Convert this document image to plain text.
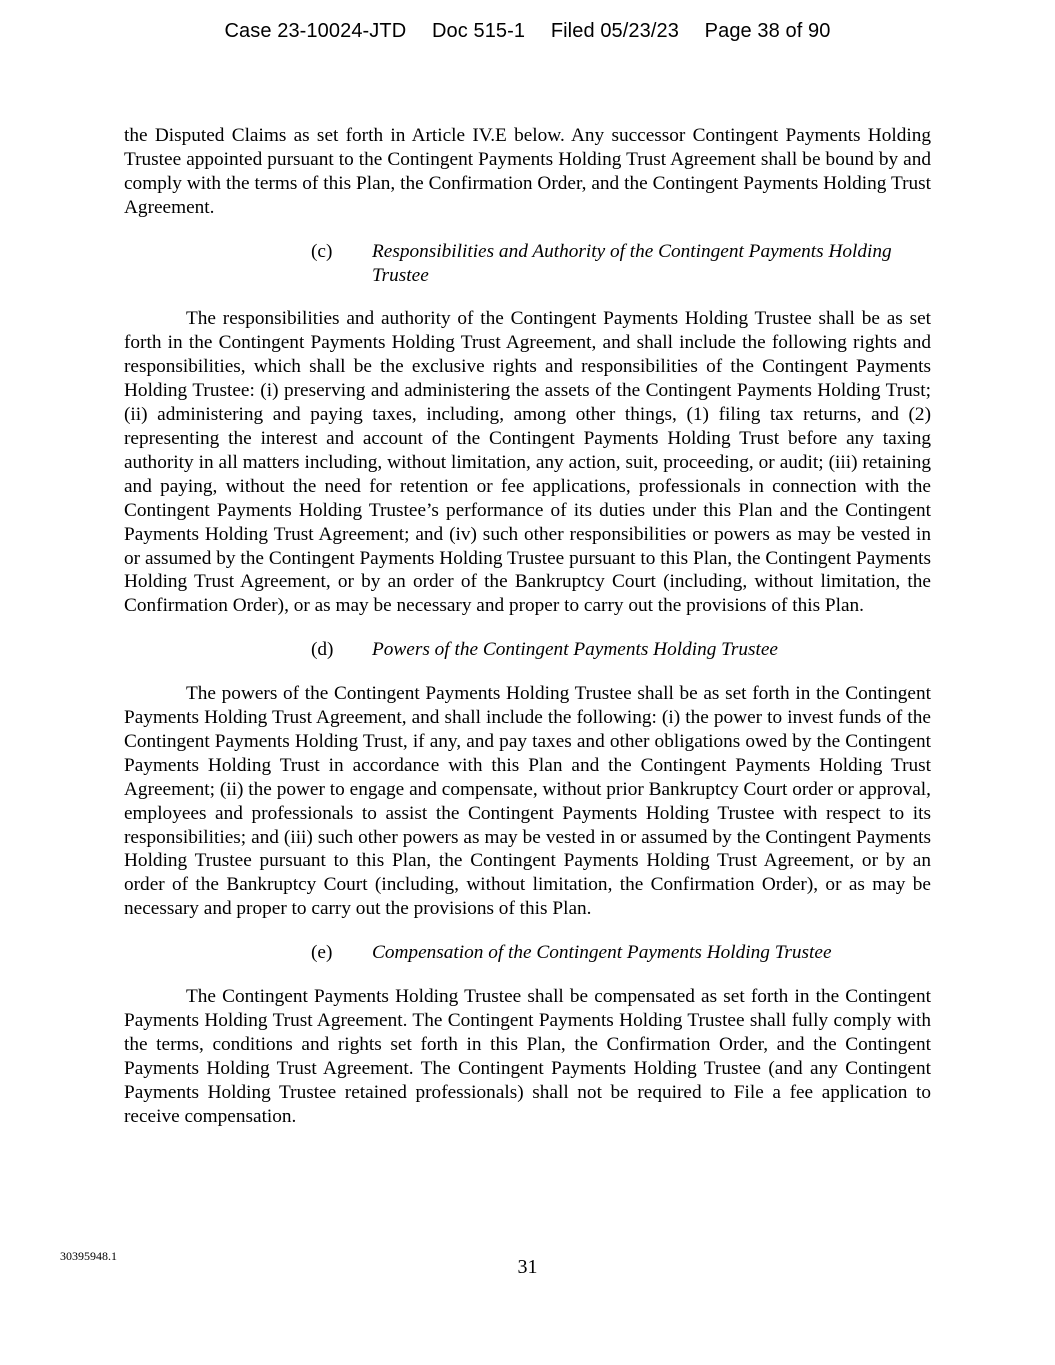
Case 23-10024-JTD Doc 515-1 Filed 05/23/23 Page 38 of 90

the Disputed Claims as set forth in Article IV.E below. Any successor Contingent Payments Holding Trustee appointed pursuant to the Contingent Payments Holding Trust Agreement shall be bound by and comply with the terms of this Plan, the Confirmation Order, and the Contingent Payments Holding Trust Agreement.

(c)	Responsibilities and Authority of the Contingent Payments Holding Trustee

The responsibilities and authority of the Contingent Payments Holding Trustee shall be as set forth in the Contingent Payments Holding Trust Agreement, and shall include the following rights and responsibilities, which shall be the exclusive rights and responsibilities of the Contingent Payments Holding Trustee: (i) preserving and administering the assets of the Contingent Payments Holding Trust; (ii) administering and paying taxes, including, among other things, (1) filing tax returns, and (2) representing the interest and account of the Contingent Payments Holding Trust before any taxing authority in all matters including, without limitation, any action, suit, proceeding, or audit; (iii) retaining and paying, without the need for retention or fee applications, professionals in connection with the Contingent Payments Holding Trustee’s performance of its duties under this Plan and the Contingent Payments Holding Trust Agreement; and (iv) such other responsibilities or powers as may be vested in or assumed by the Contingent Payments Holding Trustee pursuant to this Plan, the Contingent Payments Holding Trust Agreement, or by an order of the Bankruptcy Court (including, without limitation, the Confirmation Order), or as may be necessary and proper to carry out the provisions of this Plan.

(d)	Powers of the Contingent Payments Holding Trustee

The powers of the Contingent Payments Holding Trustee shall be as set forth in the Contingent Payments Holding Trust Agreement, and shall include the following: (i) the power to invest funds of the Contingent Payments Holding Trust, if any, and pay taxes and other obligations owed by the Contingent Payments Holding Trust in accordance with this Plan and the Contingent Payments Holding Trust Agreement; (ii) the power to engage and compensate, without prior Bankruptcy Court order or approval, employees and professionals to assist the Contingent Payments Holding Trustee with respect to its responsibilities; and (iii) such other powers as may be vested in or assumed by the Contingent Payments Holding Trustee pursuant to this Plan, the Contingent Payments Holding Trust Agreement, or by an order of the Bankruptcy Court (including, without limitation, the Confirmation Order), or as may be necessary and proper to carry out the provisions of this Plan.

(e)	Compensation of the Contingent Payments Holding Trustee

The Contingent Payments Holding Trustee shall be compensated as set forth in the Contingent Payments Holding Trust Agreement. The Contingent Payments Holding Trustee shall fully comply with the terms, conditions and rights set forth in this Plan, the Confirmation Order, and the Contingent Payments Holding Trust Agreement. The Contingent Payments Holding Trustee (and any Contingent Payments Holding Trustee retained professionals) shall not be required to File a fee application to receive compensation.

30395948.1	31
